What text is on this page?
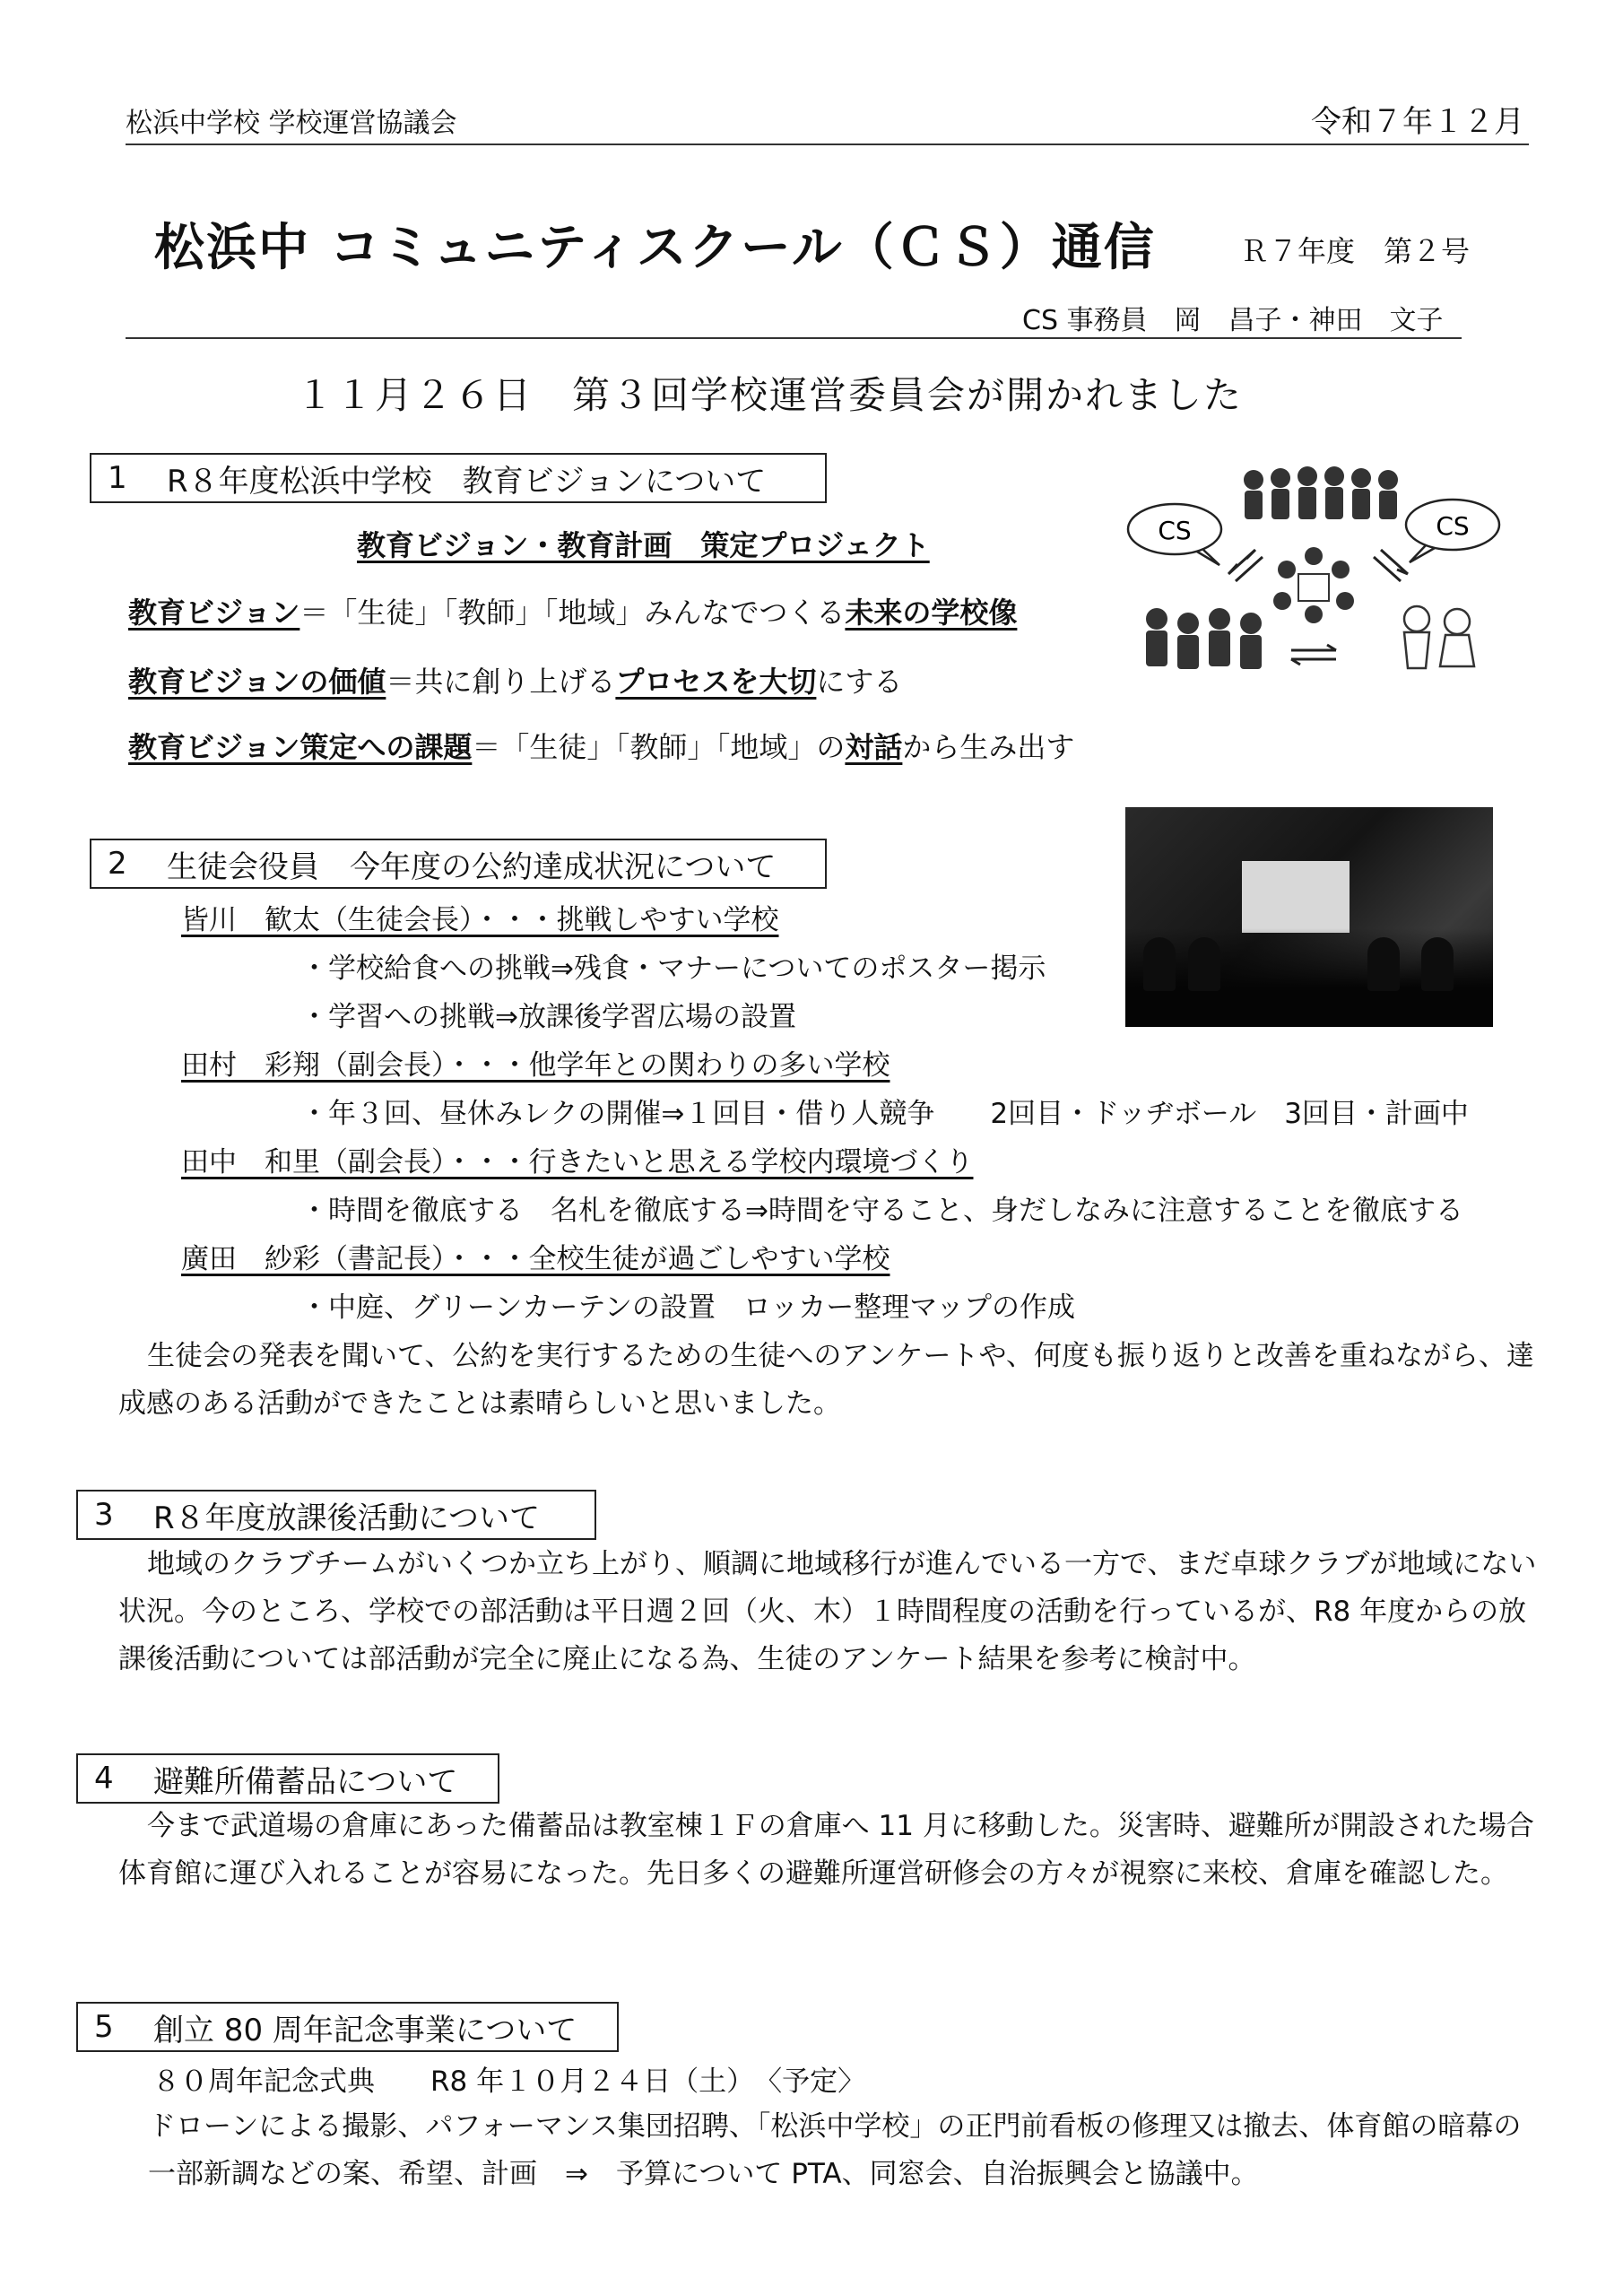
松浜中学校 学校運営協議会	令和７年１２月
松浜中 コミュニティスクール（ＣＳ）通信	Ｒ７年度　第２号
CS 事務員　岡　昌子・神田　文子
１１月２６日　第３回学校運営委員会が開かれました
1	R８年度松浜中学校　教育ビジョンについて
教育ビジョン・教育計画　策定プロジェクト
教育ビジョン＝「生徒」「教師」「地域」みんなでつくる未来の学校像
教育ビジョンの価値＝共に創り上げるプロセスを大切にする
教育ビジョン策定への課題＝「生徒」「教師」「地域」の対話から生み出す
CS	CS
2	生徒会役員　今年度の公約達成状況について
皆川　歓太（生徒会長）・・・挑戦しやすい学校
・学校給食への挑戦⇒残食・マナーについてのポスター掲示
・学習への挑戦⇒放課後学習広場の設置
田村　彩翔（副会長）・・・他学年との関わりの多い学校
・年３回、昼休みレクの開催⇒１回目・借り人競争　　2回目・ドッヂボール　3回目・計画中
田中　和里（副会長）・・・行きたいと思える学校内環境づくり
・時間を徹底する　名札を徹底する⇒時間を守ること、身だしなみに注意することを徹底する
廣田　紗彩（書記長）・・・全校生徒が過ごしやすい学校
・中庭、グリーンカーテンの設置　ロッカー整理マップの作成
生徒会の発表を聞いて、公約を実行するための生徒へのアンケートや、何度も振り返りと改善を重ねながら、達成感のある活動ができたことは素晴らしいと思いました。
3	R８年度放課後活動について
地域のクラブチームがいくつか立ち上がり、順調に地域移行が進んでいる一方で、まだ卓球クラブが地域にない状況。今のところ、学校での部活動は平日週２回（火、木）１時間程度の活動を行っているが、R8 年度からの放課後活動については部活動が完全に廃止になる為、生徒のアンケート結果を参考に検討中。
4	避難所備蓄品について
今まで武道場の倉庫にあった備蓄品は教室棟１Ｆの倉庫へ 11 月に移動した。災害時、避難所が開設された場合体育館に運び入れることが容易になった。先日多くの避難所運営研修会の方々が視察に来校、倉庫を確認した。
5	創立 80 周年記念事業について
８０周年記念式典　　R8 年１０月２４日（土）　〈予定〉
ドローンによる撮影、パフォーマンス集団招聘、「松浜中学校」の正門前看板の修理又は撤去、体育館の暗幕の一部新調などの案、希望、計画　⇒　予算について PTA、同窓会、自治振興会と協議中。
